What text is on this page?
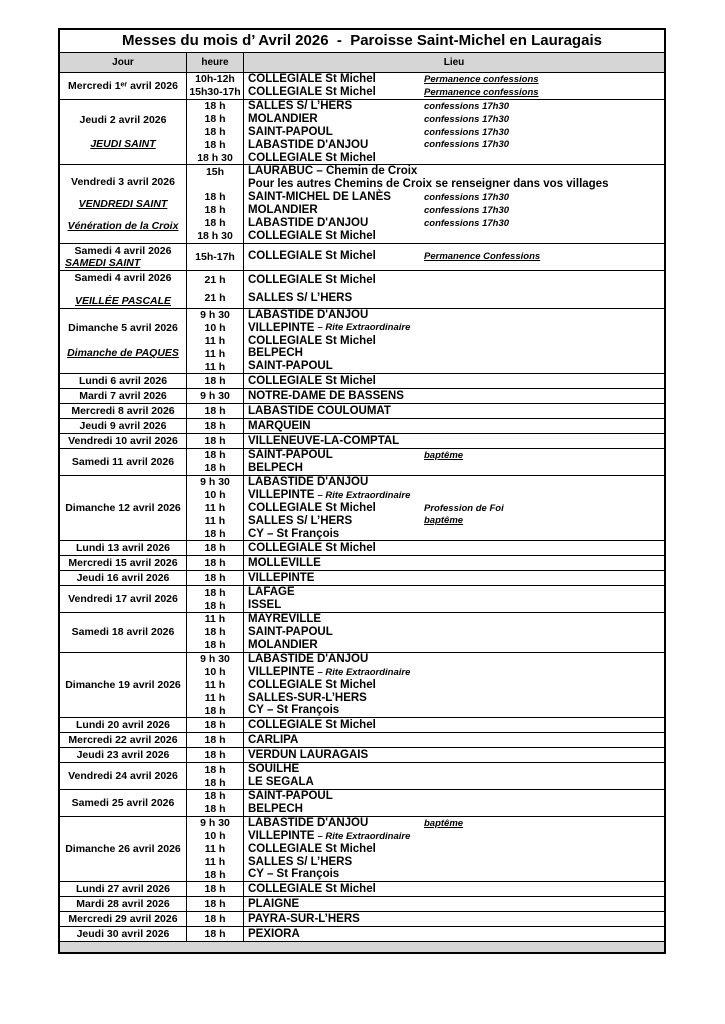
Messes du mois d’ Avril 2026  -  Paroisse Saint-Michel en Lauragais
Jour	heure	Lieu
Mercredi 1ᵉʳ avril 2026
10h-12h	COLLEGIALE St Michel	Permanence confessions
15h30-17h COLLEGIALE St Michel	Permanence confessions
Jeudi 2 avril 2026
JEUDI SAINT
18 h	SALLES S/ L’HERS	confessions 17h30
18 h	MOLANDIER	confessions 17h30
18 h	SAINT-PAPOUL	confessions 17h30
18 h	LABASTIDE D'ANJOU	confessions 17h30
18 h 30	COLLEGIALE St Michel
Vendredi 3 avril 2026
VENDREDI SAINT
Vénération de la Croix
15h	LAURABUC – Chemin de Croix
Pour les autres Chemins de Croix se renseigner dans vos villages
18 h	SAINT-MICHEL DE LANÈS	confessions 17h30
18 h	MOLANDIER	confessions 17h30
18 h	LABASTIDE D'ANJOU	confessions 17h30
18 h 30	COLLEGIALE St Michel
Samedi 4 avril 2026
SAMEDI SAINT	15h-17h	COLLEGIALE St Michel	Permanence Confessions
Samedi 4 avril 2026
VEILLÉE PASCALE
21 h	COLLEGIALE St Michel
21 h	SALLES S/ L’HERS
Dimanche 5 avril 2026
Dimanche de PAQUES
9 h 30	LABASTIDE D'ANJOU
10 h	VILLEPINTE – Rite Extraordinaire
11 h	COLLEGIALE St Michel
11 h	BELPECH
11 h	SAINT-PAPOUL
Lundi 6 avril 2026	18 h	COLLEGIALE St Michel
Mardi 7 avril 2026	9 h 30	NOTRE-DAME DE BASSENS
Mercredi 8 avril 2026	18 h	LABASTIDE COULOUMAT
Jeudi 9 avril 2026	18 h	MARQUEIN
Vendredi 10 avril 2026	18 h	VILLENEUVE-LA-COMPTAL
Samedi 11 avril 2026
18 h	SAINT-PAPOUL	baptême
18 h	BELPECH
Dimanche 12 avril 2026
9 h 30	LABASTIDE D'ANJOU
10 h	VILLEPINTE – Rite Extraordinaire
11 h	COLLEGIALE St Michel	Profession de Foi
11 h	SALLES S/ L’HERS	baptême
18 h	CY – St François
Lundi 13 avril 2026	18 h	COLLEGIALE St Michel
Mercredi 15 avril 2026	18 h	MOLLEVILLE
Jeudi 16 avril 2026	18 h	VILLEPINTE
Vendredi 17 avril 2026
18 h	LAFAGE
18 h	ISSEL
Samedi 18 avril 2026
11 h	MAYREVILLE
18 h	SAINT-PAPOUL
18 h	MOLANDIER
Dimanche 19 avril 2026
9 h 30	LABASTIDE D'ANJOU
10 h	VILLEPINTE – Rite Extraordinaire
11 h	COLLEGIALE St Michel
11 h	SALLES-SUR-L’HERS
18 h	CY – St François
Lundi 20 avril 2026	18 h	COLLEGIALE St Michel
Mercredi 22 avril 2026	18 h	CARLIPA
Jeudi 23 avril 2026	18 h	VERDUN LAURAGAIS
Vendredi 24 avril 2026
18 h	SOUILHE
18 h	LE SEGALA
Samedi 25 avril 2026
18 h	SAINT-PAPOUL
18 h	BELPECH
Dimanche 26 avril 2026
9 h 30	LABASTIDE D'ANJOU	baptême
10 h	VILLEPINTE – Rite Extraordinaire
11 h	COLLEGIALE St Michel
11 h	SALLES S/ L’HERS
18 h	CY – St François
Lundi 27 avril 2026	18 h	COLLEGIALE St Michel
Mardi 28 avril 2026	18 h	PLAIGNE
Mercredi 29 avril 2026	18 h	PAYRA-SUR-L’HERS
Jeudi 30 avril 2026	18 h	PEXIORA
